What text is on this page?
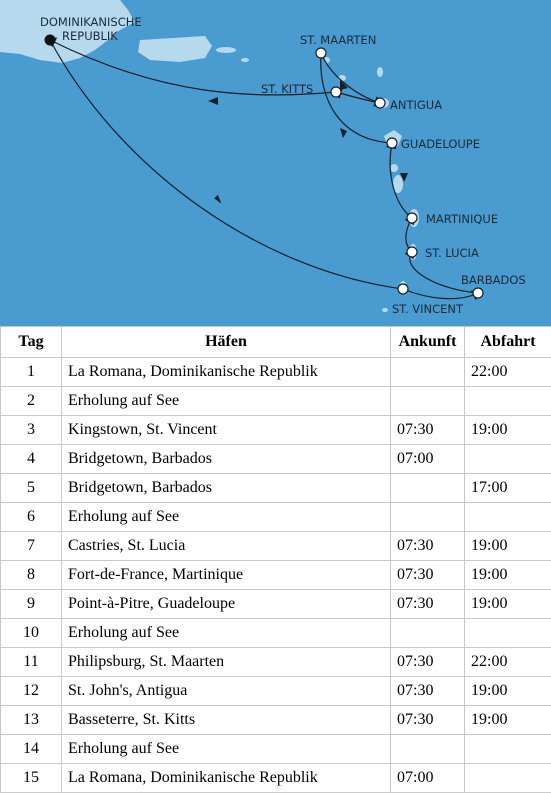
DOMINIKANISCHE
REPUBLIK	ST. MAARTEN
ST. KITTS
ANTIGUA
GUADELOUPE
MARTINIQUE
ST. LUCIA
BARBADOS
ST. VINCENT
Tag	Häfen	Ankunft	Abfahrt
1	La Romana, Dominikanische Republik		22:00
2	Erholung auf See		
3	Kingstown, St. Vincent	07:30	19:00
4	Bridgetown, Barbados	07:00	
5	Bridgetown, Barbados		17:00
6	Erholung auf See		
7	Castries, St. Lucia	07:30	19:00
8	Fort-de-France, Martinique	07:30	19:00
9	Point-à-Pitre, Guadeloupe	07:30	19:00
10	Erholung auf See		
11	Philipsburg, St. Maarten	07:30	22:00
12	St. John's, Antigua	07:30	19:00
13	Basseterre, St. Kitts	07:30	19:00
14	Erholung auf See		
15	La Romana, Dominikanische Republik	07:00	
